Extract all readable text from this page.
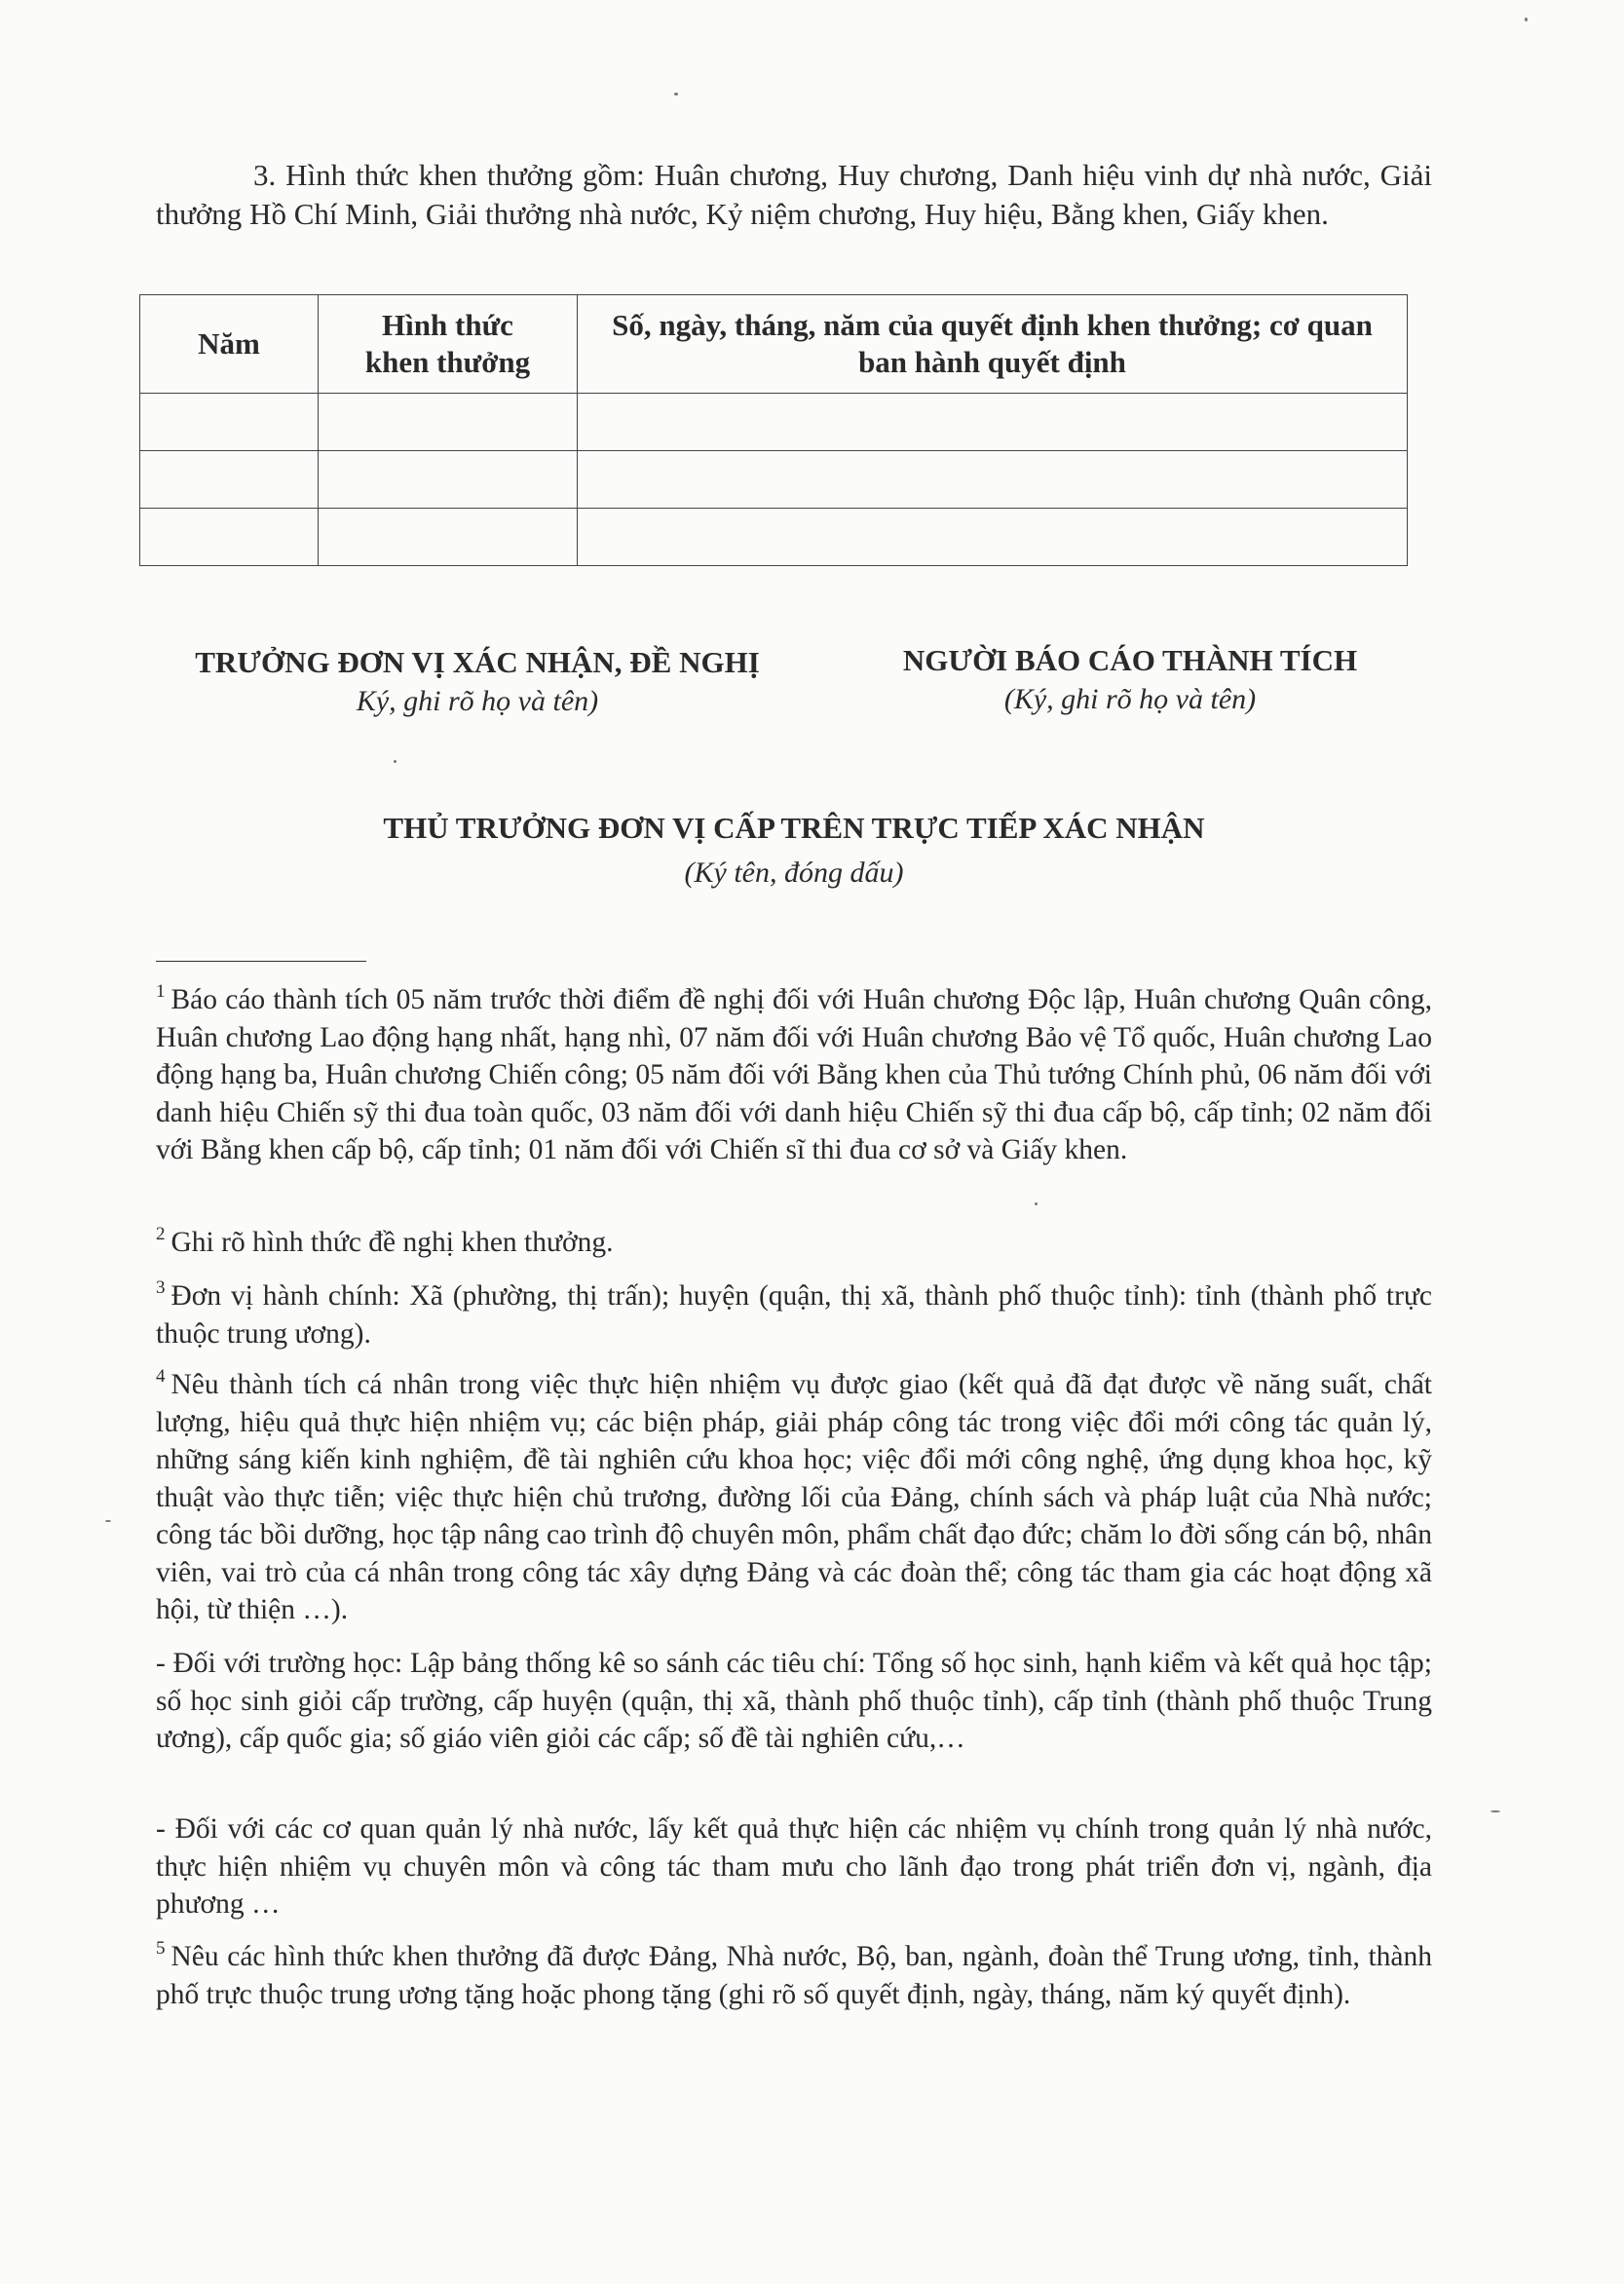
3. Hình thức khen thưởng gồm: Huân chương, Huy chương, Danh hiệu vinh dự nhà nước, Giải thưởng Hồ Chí Minh, Giải thưởng nhà nước, Kỷ niệm chương, Huy hiệu, Bằng khen, Giấy khen.

Năm	Hình thức khen thưởng	Số, ngày, tháng, năm của quyết định khen thưởng; cơ quan ban hành quyết định

TRƯỞNG ĐƠN VỊ XÁC NHẬN, ĐỀ NGHỊ
Ký, ghi rõ họ và tên)
NGƯỜI BÁO CÁO THÀNH TÍCH
(Ký, ghi rõ họ và tên)
THỦ TRƯỞNG ĐƠN VỊ CẤP TRÊN TRỰC TIẾP XÁC NHẬN
(Ký tên, đóng dấu)

$^1$ Báo cáo thành tích 05 năm trước thời điểm đề nghị đối với Huân chương Độc lập, Huân chương Quân công, Huân chương Lao động hạng nhất, hạng nhì, 07 năm đối với Huân chương Bảo vệ Tổ quốc, Huân chương Lao động hạng ba, Huân chương Chiến công; 05 năm đối với Bằng khen của Thủ tướng Chính phủ, 06 năm đối với danh hiệu Chiến sỹ thi đua toàn quốc, 03 năm đối với danh hiệu Chiến sỹ thi đua cấp bộ, cấp tỉnh; 02 năm đối với Bằng khen cấp bộ, cấp tỉnh; 01 năm đối với Chiến sĩ thi đua cơ sở và Giấy khen.

$^2$ Ghi rõ hình thức đề nghị khen thưởng.

$^3$ Đơn vị hành chính: Xã (phường, thị trấn); huyện (quận, thị xã, thành phố thuộc tỉnh): tỉnh (thành phố trực thuộc trung ương).

$^4$ Nêu thành tích cá nhân trong việc thực hiện nhiệm vụ được giao (kết quả đã đạt được về năng suất, chất lượng, hiệu quả thực hiện nhiệm vụ; các biện pháp, giải pháp công tác trong việc đổi mới công tác quản lý, những sáng kiến kinh nghiệm, đề tài nghiên cứu khoa học; việc đổi mới công nghệ, ứng dụng khoa học, kỹ thuật vào thực tiễn; việc thực hiện chủ trương, đường lối của Đảng, chính sách và pháp luật của Nhà nước; công tác bồi dưỡng, học tập nâng cao trình độ chuyên môn, phẩm chất đạo đức; chăm lo đời sống cán bộ, nhân viên, vai trò của cá nhân trong công tác xây dựng Đảng và các đoàn thể; công tác tham gia các hoạt động xã hội, từ thiện …).

- Đối với trường học: Lập bảng thống kê so sánh các tiêu chí: Tổng số học sinh, hạnh kiểm và kết quả học tập; số học sinh giỏi cấp trường, cấp huyện (quận, thị xã, thành phố thuộc tỉnh), cấp tỉnh (thành phố thuộc Trung ương), cấp quốc gia; số giáo viên giỏi các cấp; số đề tài nghiên cứu,…

- Đối với các cơ quan quản lý nhà nước, lấy kết quả thực hiện các nhiệm vụ chính trong quản lý nhà nước, thực hiện nhiệm vụ chuyên môn và công tác tham mưu cho lãnh đạo trong phát triển đơn vị, ngành, địa phương …

$^5$ Nêu các hình thức khen thưởng đã được Đảng, Nhà nước, Bộ, ban, ngành, đoàn thể Trung ương, tỉnh, thành phố trực thuộc trung ương tặng hoặc phong tặng (ghi rõ số quyết định, ngày, tháng, năm ký quyết định).
